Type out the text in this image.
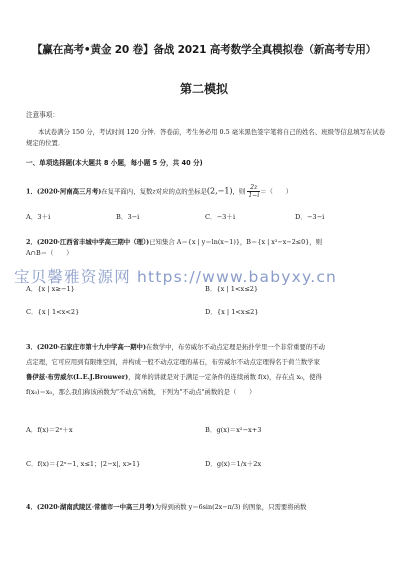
【赢在高考•黄金 20 卷】备战 2021 高考数学全真模拟卷（新高考专用）
第二模拟
注意事项：
本试卷满分 150 分，考试时间 120 分钟．答卷前，考生务必用 0.5 毫米黑色签字笔将自己的姓名、班级等信息填写在试卷规定的位置．
一、单项选择题(本大题共 8 小题，每小题 5 分，共 40 分)
1．(2020·河南高三月考)在复平面内，复数z对应的点的坐标是(2,−1)，则 $\frac{2z}{1-i}$ ＝（　　）
A．3＋i	B．3−i	C．−3＋i	D．−3−i
2．(2020·江西省丰城中学高三期中（理）)已知集合 A＝{x | y＝ln(x−1)}，B＝{x | x²−x−2≤0}，则
A∩B＝（　　）
宝贝馨雅资源网 https://www.babyxy.cn
A．{x | x≥−1}	B．{x | 1<x≤2}
C．{x | 1<x<2}	D．{x | 1<x≤2}
3．(2020·石家庄市第十九中学高一期中)在数学中，布劳威尔不动点定理是拓扑学里一个非常重要的不动
点定理，它可应用到有限维空间，并构成一般不动点定理的基石，布劳威尔不动点定理得名于荷兰数学家
鲁伊兹·布劳威尔(L.E.J.Brouwer)，简单的讲就是对于满足一定条件的连续函数 f(x)，存在点 x₀，使得
f(x₀)＝x₀，那么我们称该函数为"不动点"函数，下列为"不动点"函数的是（　　）
A．f(x)＝2ˣ＋x	B．g(x)＝x²−x+3
C．f(x)＝{2ˣ−1, x≤1；|2−x|, x>1}	D．g(x)＝1/x＋2x
4．(2020·湖南武陵区·常德市一中高三月考)为得到函数 y＝6sin(2x−π/3) 的图象，只需要将函数
